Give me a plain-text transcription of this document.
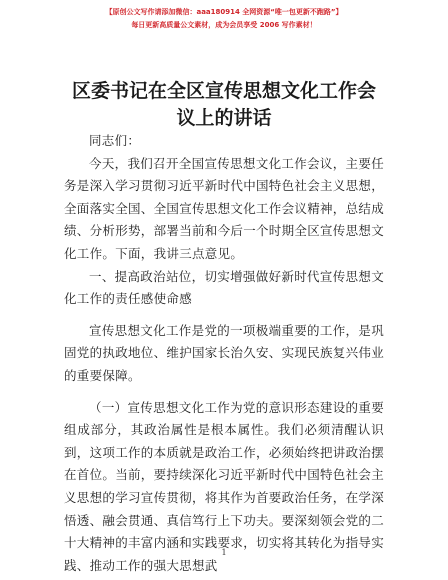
【原创公文写作请添加微信：aaa180914 全网资源“唯一包更新不跑路”】
每日更新高质量公文素材，成为会员享受 2006 写作素材！
区委书记在全区宣传思想文化工作会议上的讲话

同志们：

今天，我们召开全国宣传思想文化工作会议，主要任务是深入学习贯彻习近平新时代中国特色社会主义思想，全面落实全国、全国宣传思想文化工作会议精神，总结成绩、分析形势，部署当前和今后一个时期全区宣传思想文化工作。下面，我讲三点意见。

一、提高政治站位，切实增强做好新时代宣传思想文化工作的责任感使命感

宣传思想文化工作是党的一项极端重要的工作，是巩固党的执政地位、维护国家长治久安、实现民族复兴伟业的重要保障。

（一）宣传思想文化工作为党的意识形态建设的重要组成部分，其政治属性是根本属性。我们必须清醒认识到，这项工作的本质就是政治工作，必须始终把讲政治摆在首位。当前，要持续深化习近平新时代中国特色社会主义思想的学习宣传贯彻，将其作为首要政治任务，在学深悟透、融会贯通、真信笃行上下功夫。要深刻领会党的二十大精神的丰富内涵和实践要求，切实将其转化为指导实践、推动工作的强大思想武

1
